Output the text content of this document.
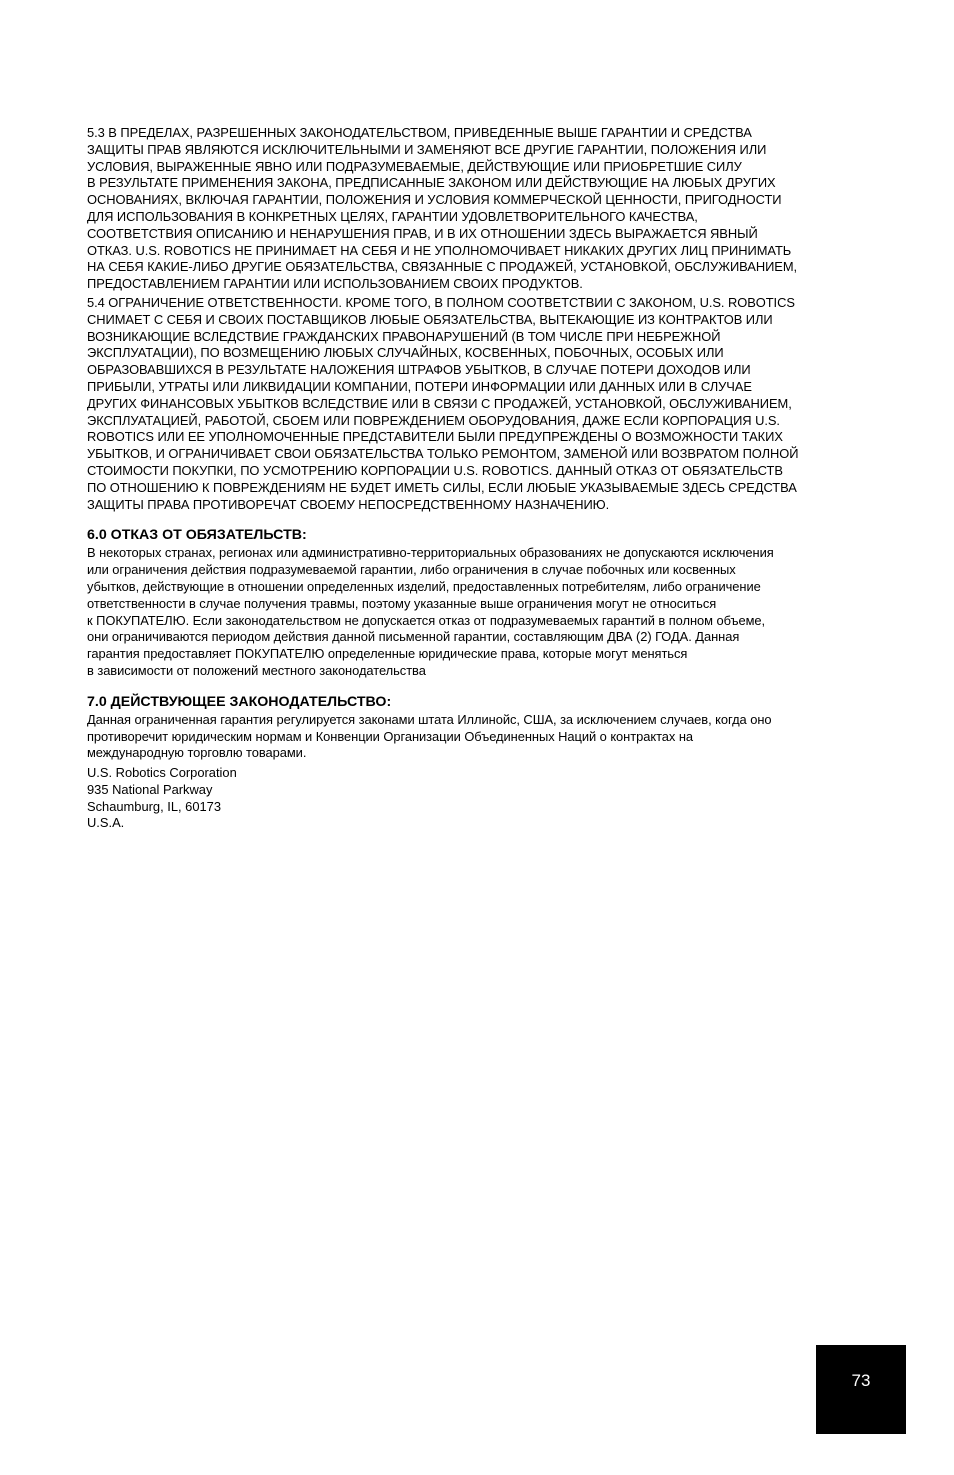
5.3 В ПРЕДЕЛАХ, РАЗРЕШЕННЫХ ЗАКОНОДАТЕЛЬСТВОМ, ПРИВЕДЕННЫЕ ВЫШЕ ГАРАНТИИ И СРЕДСТВА
ЗАЩИТЫ ПРАВ ЯВЛЯЮТСЯ ИСКЛЮЧИТЕЛЬНЫМИ И ЗАМЕНЯЮТ ВСЕ ДРУГИЕ ГАРАНТИИ, ПОЛОЖЕНИЯ ИЛИ
УСЛОВИЯ, ВЫРАЖЕННЫЕ ЯВНО ИЛИ ПОДРАЗУМЕВАЕМЫЕ, ДЕЙСТВУЮЩИЕ ИЛИ ПРИОБРЕТШИЕ СИЛУ
В РЕЗУЛЬТАТЕ ПРИМЕНЕНИЯ ЗАКОНА, ПРЕДПИСАННЫЕ ЗАКОНОМ ИЛИ ДЕЙСТВУЮЩИЕ НА ЛЮБЫХ ДРУГИХ
ОСНОВАНИЯХ, ВКЛЮЧАЯ ГАРАНТИИ, ПОЛОЖЕНИЯ И УСЛОВИЯ КОММЕРЧЕСКОЙ ЦЕННОСТИ, ПРИГОДНОСТИ
ДЛЯ ИСПОЛЬЗОВАНИЯ В КОНКРЕТНЫХ ЦЕЛЯХ, ГАРАНТИИ УДОВЛЕТВОРИТЕЛЬНОГО КАЧЕСТВА,
СООТВЕТСТВИЯ ОПИСАНИЮ И НЕНАРУШЕНИЯ ПРАВ, И В ИХ ОТНОШЕНИИ ЗДЕСЬ ВЫРАЖАЕТСЯ ЯВНЫЙ
ОТКАЗ. U.S. ROBOTICS НЕ ПРИНИМАЕТ НА СЕБЯ И НЕ УПОЛНОМОЧИВАЕТ НИКАКИХ ДРУГИХ ЛИЦ ПРИНИМАТЬ
НА СЕБЯ КАКИЕ-ЛИБО ДРУГИЕ ОБЯЗАТЕЛЬСТВА, СВЯЗАННЫЕ С ПРОДАЖЕЙ, УСТАНОВКОЙ, ОБСЛУЖИВАНИЕМ,
ПРЕДОСТАВЛЕНИЕМ ГАРАНТИИ ИЛИ ИСПОЛЬЗОВАНИЕМ СВОИХ ПРОДУКТОВ.

5.4 ОГРАНИЧЕНИЕ ОТВЕТСТВЕННОСТИ. КРОМЕ ТОГО, В ПОЛНОМ СООТВЕТСТВИИ С ЗАКОНОМ, U.S. ROBOTICS
СНИМАЕТ С СЕБЯ И СВОИХ ПОСТАВЩИКОВ ЛЮБЫЕ ОБЯЗАТЕЛЬСТВА, ВЫТЕКАЮЩИЕ ИЗ КОНТРАКТОВ ИЛИ
ВОЗНИКАЮЩИЕ ВСЛЕДСТВИЕ ГРАЖДАНСКИХ ПРАВОНАРУШЕНИЙ (В ТОМ ЧИСЛЕ ПРИ НЕБРЕЖНОЙ
ЭКСПЛУАТАЦИИ), ПО ВОЗМЕЩЕНИЮ ЛЮБЫХ СЛУЧАЙНЫХ, КОСВЕННЫХ, ПОБОЧНЫХ, ОСОБЫХ ИЛИ
ОБРАЗОВАВШИХСЯ В РЕЗУЛЬТАТЕ НАЛОЖЕНИЯ ШТРАФОВ УБЫТКОВ, В СЛУЧАЕ ПОТЕРИ ДОХОДОВ ИЛИ
ПРИБЫЛИ, УТРАТЫ ИЛИ ЛИКВИДАЦИИ КОМПАНИИ, ПОТЕРИ ИНФОРМАЦИИ ИЛИ ДАННЫХ ИЛИ В СЛУЧАЕ
ДРУГИХ ФИНАНСОВЫХ УБЫТКОВ ВСЛЕДСТВИЕ ИЛИ В СВЯЗИ С ПРОДАЖЕЙ, УСТАНОВКОЙ, ОБСЛУЖИВАНИЕМ,
ЭКСПЛУАТАЦИЕЙ, РАБОТОЙ, СБОЕМ ИЛИ ПОВРЕЖДЕНИЕМ ОБОРУДОВАНИЯ, ДАЖЕ ЕСЛИ КОРПОРАЦИЯ U.S.
ROBOTICS ИЛИ ЕЕ УПОЛНОМОЧЕННЫЕ ПРЕДСТАВИТЕЛИ БЫЛИ ПРЕДУПРЕЖДЕНЫ О ВОЗМОЖНОСТИ ТАКИХ
УБЫТКОВ, И ОГРАНИЧИВАЕТ СВОИ ОБЯЗАТЕЛЬСТВА ТОЛЬКО РЕМОНТОМ, ЗАМЕНОЙ ИЛИ ВОЗВРАТОМ ПОЛНОЙ
СТОИМОСТИ ПОКУПКИ, ПО УСМОТРЕНИЮ КОРПОРАЦИИ U.S. ROBOTICS. ДАННЫЙ ОТКАЗ ОТ ОБЯЗАТЕЛЬСТВ
ПО ОТНОШЕНИЮ К ПОВРЕЖДЕНИЯМ НЕ БУДЕТ ИМЕТЬ СИЛЫ, ЕСЛИ ЛЮБЫЕ УКАЗЫВАЕМЫЕ ЗДЕСЬ СРЕДСТВА
ЗАЩИТЫ ПРАВА ПРОТИВОРЕЧАТ СВОЕМУ НЕПОСРЕДСТВЕННОМУ НАЗНАЧЕНИЮ.

6.0 ОТКАЗ ОТ ОБЯЗАТЕЛЬСТВ:

В некоторых странах, регионах или административно-территориальных образованиях не допускаются исключения
или ограничения действия подразумеваемой гарантии, либо ограничения в случае побочных или косвенных
убытков, действующие в отношении определенных изделий, предоставленных потребителям, либо ограничение
ответственности в случае получения травмы, поэтому указанные выше ограничения могут не относиться
к ПОКУПАТЕЛЮ. Если законодательством не допускается отказ от подразумеваемых гарантий в полном объеме,
они ограничиваются периодом действия данной письменной гарантии, составляющим ДВА (2) ГОДА. Данная
гарантия предоставляет ПОКУПАТЕЛЮ определенные юридические права, которые могут меняться
в зависимости от положений местного законодательства

7.0 ДЕЙСТВУЮЩЕЕ ЗАКОНОДАТЕЛЬСТВО:

Данная ограниченная гарантия регулируется законами штата Иллинойс, США, за исключением случаев, когда оно
противоречит юридическим нормам и Конвенции Организации Объединенных Наций о контрактах на
международную торговлю товарами.

U.S. Robotics Corporation
935 National Parkway
Schaumburg, IL, 60173
U.S.A.
73
